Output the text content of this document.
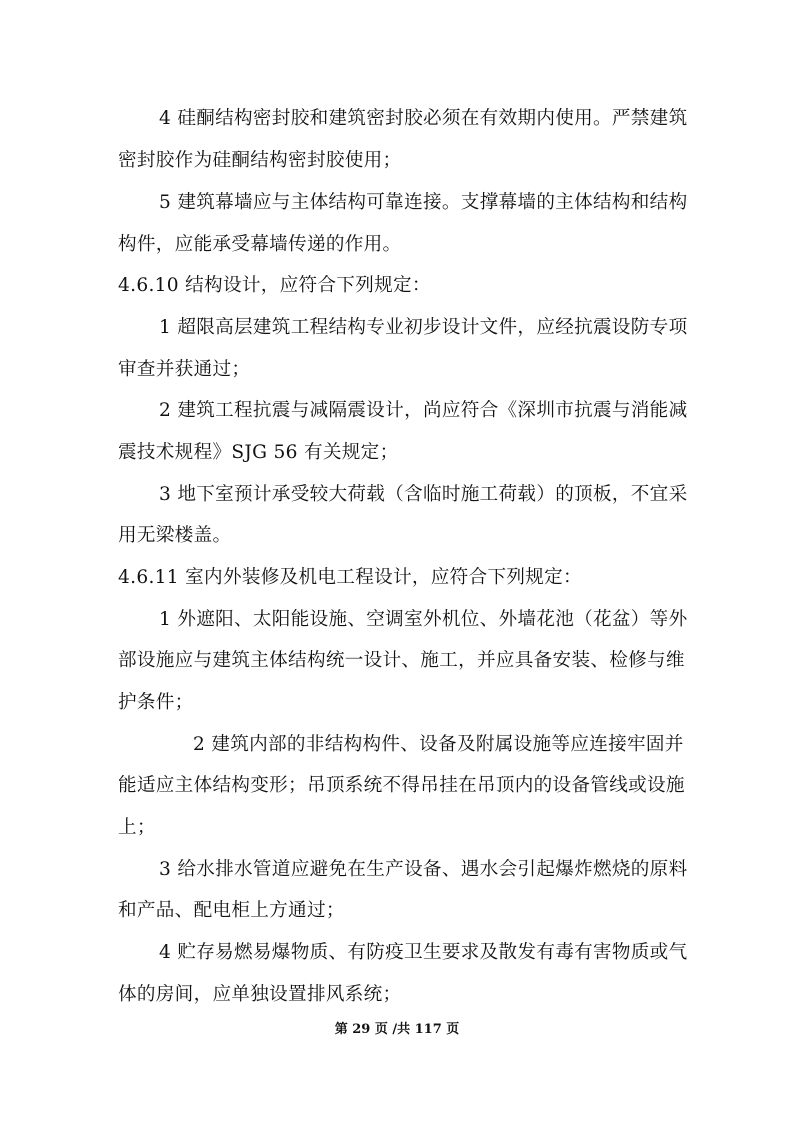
4 硅酮结构密封胶和建筑密封胶必须在有效期内使用。严禁建筑
密封胶作为硅酮结构密封胶使用；
5 建筑幕墙应与主体结构可靠连接。支撑幕墙的主体结构和结构
构件，应能承受幕墙传递的作用。
4.6.10 结构设计，应符合下列规定：
1 超限高层建筑工程结构专业初步设计文件，应经抗震设防专项
审查并获通过；
2 建筑工程抗震与减隔震设计，尚应符合《深圳市抗震与消能减
震技术规程》SJG 56 有关规定；
3 地下室预计承受较大荷载（含临时施工荷载）的顶板，不宜采
用无梁楼盖。
4.6.11 室内外装修及机电工程设计，应符合下列规定：
1 外遮阳、太阳能设施、空调室外机位、外墙花池（花盆）等外
部设施应与建筑主体结构统一设计、施工，并应具备安装、检修与维
护条件；
2 建筑内部的非结构构件、设备及附属设施等应连接牢固并
能适应主体结构变形；吊顶系统不得吊挂在吊顶内的设备管线或设施
上；
3 给水排水管道应避免在生产设备、遇水会引起爆炸燃烧的原料
和产品、配电柜上方通过；
4 贮存易燃易爆物质、有防疫卫生要求及散发有毒有害物质或气
体的房间，应单独设置排风系统；
第 29 页 /共 117 页
